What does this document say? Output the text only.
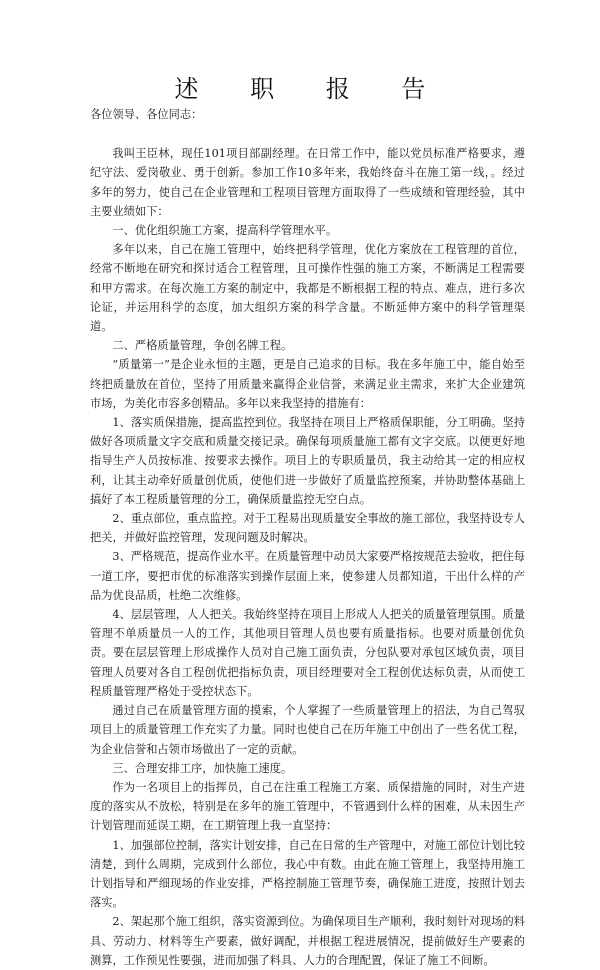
述 职 报 告

各位领导、各位同志：

我叫王臣林，现任101项目部副经理。在日常工作中，能以党员标准严格要求，遵纪守法、爱岗敬业、勇于创新。参加工作10多年来，我始终奋斗在施工第一线，。经过多年的努力，使自己在企业管理和工程项目管理方面取得了一些成绩和管理经验，其中主要业绩如下：

一、优化组织施工方案，提高科学管理水平。

多年以来，自己在施工管理中，始终把科学管理，优化方案放在工程管理的首位，经常不断地在研究和探讨适合工程管理，且可操作性强的施工方案，不断满足工程需要和甲方需求。在每次施工方案的制定中，我都是不断根据工程的特点、难点，进行多次论证，并运用科学的态度，加大组织方案的科学含量。不断延伸方案中的科学管理渠道。

二、严格质量管理，争创名牌工程。

“质量第一”是企业永恒的主题，更是自己追求的目标。我在多年施工中，能自始至终把质量放在首位，坚持了用质量来赢得企业信誉，来满足业主需求，来扩大企业建筑市场，为美化市容多创精品。多年以来我坚持的措施有：

1、落实质保措施，提高监控到位。我坚持在项目上严格质保职能，分工明确。坚持做好各项质量文字交底和质量交接记录。确保每项质量施工都有文字交底。以便更好地指导生产人员按标准、按要求去操作。项目上的专职质量员，我主动给其一定的相应权利，让其主动牵好质量创优质，使他们进一步做好了质量监控预案，并协助整体基础上搞好了本工程质量管理的分工，确保质量监控无空白点。

2、重点部位，重点监控。对于工程易出现质量安全事故的施工部位，我坚持设专人把关，并做好监控管理，发现问题及时解决。

3、严格规范，提高作业水平。在质量管理中动员大家要严格按规范去验收，把住每一道工序，要把市优的标准落实到操作层面上来，使参建人员都知道，干出什么样的产品为优良品质，杜绝二次维修。

4、层层管理，人人把关。我始终坚持在项目上形成人人把关的质量管理氛围。质量管理不单质量员一人的工作，其他项目管理人员也要有质量指标。也要对质量创优负责。要在层层管理上形成操作人员对自己施工面负责，分包队要对承包区域负责，项目管理人员要对各自工程创优把指标负责，项目经理要对全工程创优达标负责，从而使工程质量管理严格处于受控状态下。

通过自己在质量管理方面的摸索，个人掌握了一些质量管理上的招法，为自己驾驭项目上的质量管理工作充实了力量。同时也使自己在历年施工中创出了一些名优工程，为企业信誉和占领市场做出了一定的贡献。

三、合理安排工序，加快施工速度。

作为一名项目上的指挥员，自己在注重工程施工方案、质保措施的同时，对生产进度的落实从不放松，特别是在多年的施工管理中，不管遇到什么样的困难，从未因生产计划管理而延误工期，在工期管理上我一直坚持：

1、加强部位控制，落实计划安排，自己在日常的生产管理中，对施工部位计划比较清楚，到什么周期，完成到什么部位，我心中有数。由此在施工管理上，我坚持用施工计划指导和严细现场的作业安排，严格控制施工管理节奏，确保施工进度，按照计划去落实。

2、架起那个施工组织，落实资源到位。为确保项目生产顺利，我时刻针对现场的料具、劳动力、材料等生产要素，做好调配，并根据工程进展情况，提前做好生产要素的测算，工作预见性要强，进而加强了料具、人力的合理配置，保证了施工不间断。
